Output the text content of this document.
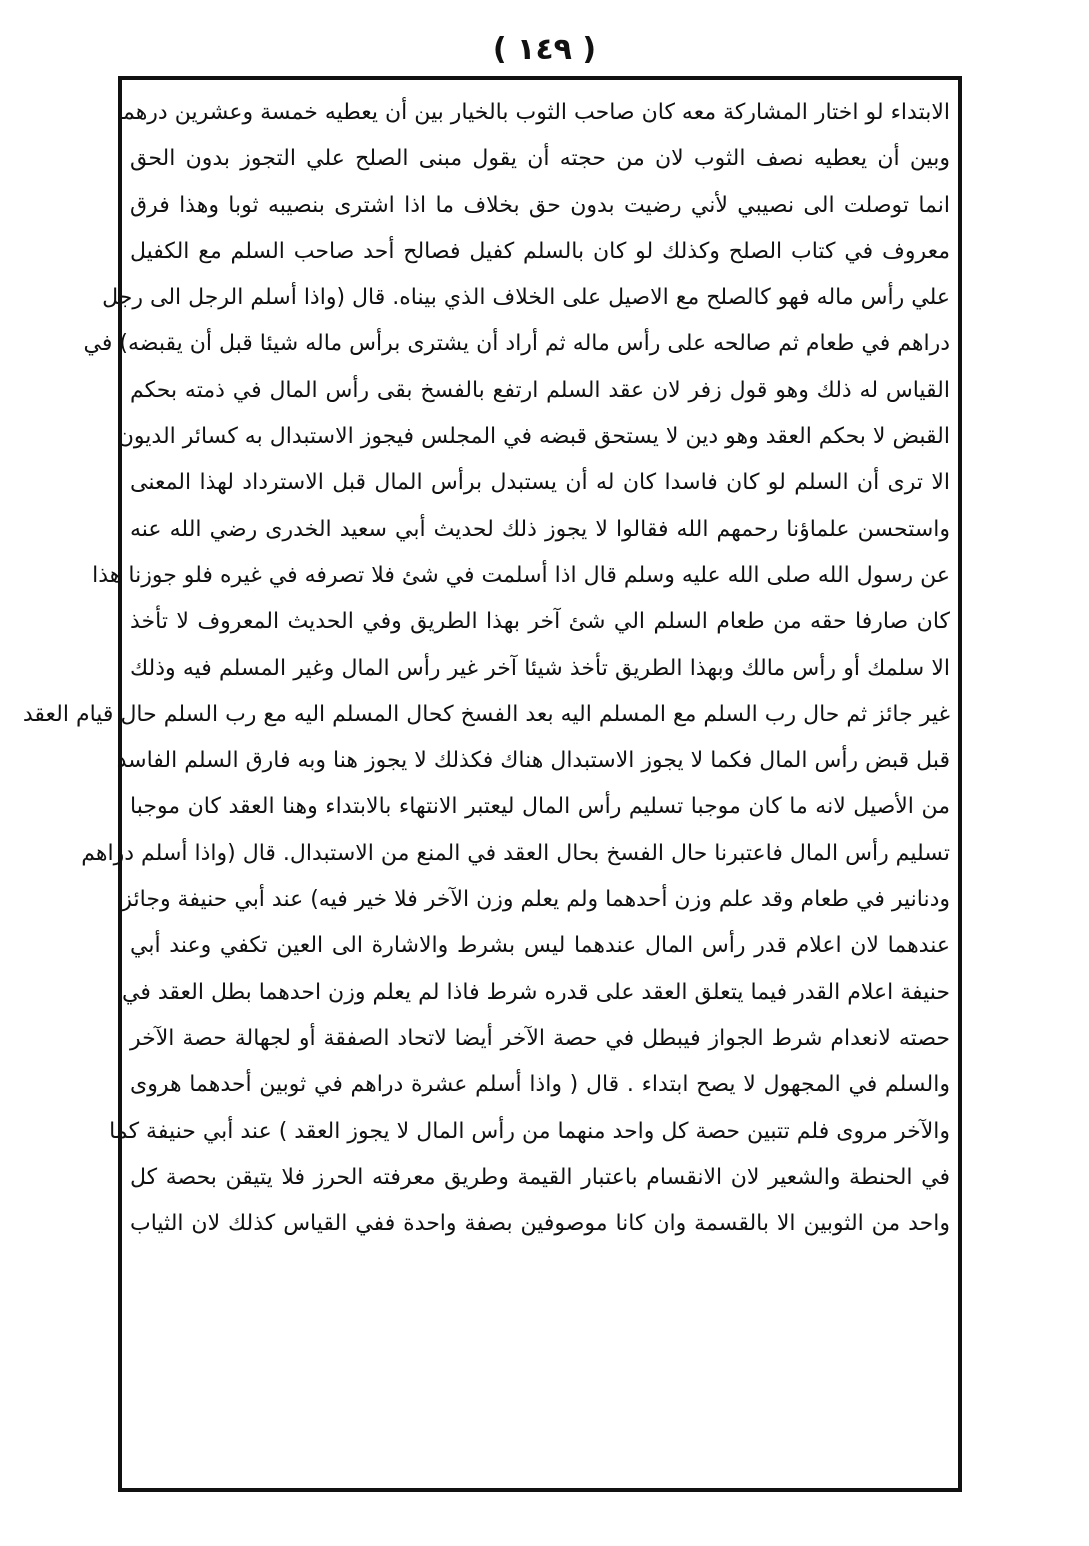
( ١٤٩ )
الابتداء لو اختار المشاركة معه كان صاحب الثوب بالخيار بين أن يعطيه خمسة وعشرين درهما
وبين أن يعطيه نصف الثوب لان من حجته أن يقول مبنى الصلح علي التجوز بدون الحق
انما توصلت الى نصيبي لأني رضيت بدون حق بخلاف ما اذا اشترى بنصيبه ثوبا وهذا فرق
معروف في كتاب الصلح وكذلك لو كان بالسلم كفيل فصالح أحد صاحب السلم مع الكفيل
علي رأس ماله فهو كالصلح مع الاصيل على الخلاف الذي بيناه. قال (واذا أسلم الرجل الى رجل
دراهم في طعام ثم صالحه على رأس ماله ثم أراد أن يشترى برأس ماله شيئا قبل أن يقبضه) في
القياس له ذلك وهو قول زفر لان عقد السلم ارتفع بالفسخ بقى رأس المال في ذمته بحكم
القبض لا بحكم العقد وهو دين لا يستحق قبضه في المجلس فيجوز الاستبدال به كسائر الديون
الا ترى أن السلم لو كان فاسدا كان له أن يستبدل برأس المال قبل الاسترداد لهذا المعنى
واستحسن علماؤنا رحمهم الله فقالوا لا يجوز ذلك لحديث أبي سعيد الخدرى رضي الله عنه
عن رسول الله صلى الله عليه وسلم قال اذا أسلمت في شئ فلا تصرفه في غيره فلو جوزنا هذا
كان صارفا حقه من طعام السلم الي شئ آخر بهذا الطريق وفي الحديث المعروف لا تأخذ
الا سلمك أو رأس مالك وبهذا الطريق تأخذ شيئا آخر غير رأس المال وغير المسلم فيه وذلك
غير جائز ثم حال رب السلم مع المسلم اليه بعد الفسخ كحال المسلم اليه مع رب السلم حال قيام العقد
قبل قبض رأس المال فكما لا يجوز الاستبدال هناك فكذلك لا يجوز هنا وبه فارق السلم الفاسد
من الأصيل لانه ما كان موجبا تسليم رأس المال ليعتبر الانتهاء بالابتداء وهنا العقد كان موجبا
تسليم رأس المال فاعتبرنا حال الفسخ بحال العقد في المنع من الاستبدال. قال (واذا أسلم دراهم
ودنانير في طعام وقد علم وزن أحدهما ولم يعلم وزن الآخر فلا خير فيه) عند أبي حنيفة وجائز
عندهما لان اعلام قدر رأس المال عندهما ليس بشرط والاشارة الى العين تكفي وعند أبي
حنيفة اعلام القدر فيما يتعلق العقد على قدره شرط فاذا لم يعلم وزن احدهما بطل العقد في
حصته لانعدام شرط الجواز فيبطل في حصة الآخر أيضا لاتحاد الصفقة أو لجهالة حصة الآخر
والسلم في المجهول لا يصح ابتداء . قال ( واذا أسلم عشرة دراهم في ثوبين أحدهما هروى
والآخر مروى فلم تتبين حصة كل واحد منهما من رأس المال لا يجوز العقد ) عند أبي حنيفة كما
في الحنطة والشعير لان الانقسام باعتبار القيمة وطريق معرفته الحرز فلا يتيقن بحصة كل
واحد من الثوبين الا بالقسمة وان كانا موصوفين بصفة واحدة ففي القياس كذلك لان الثياب
